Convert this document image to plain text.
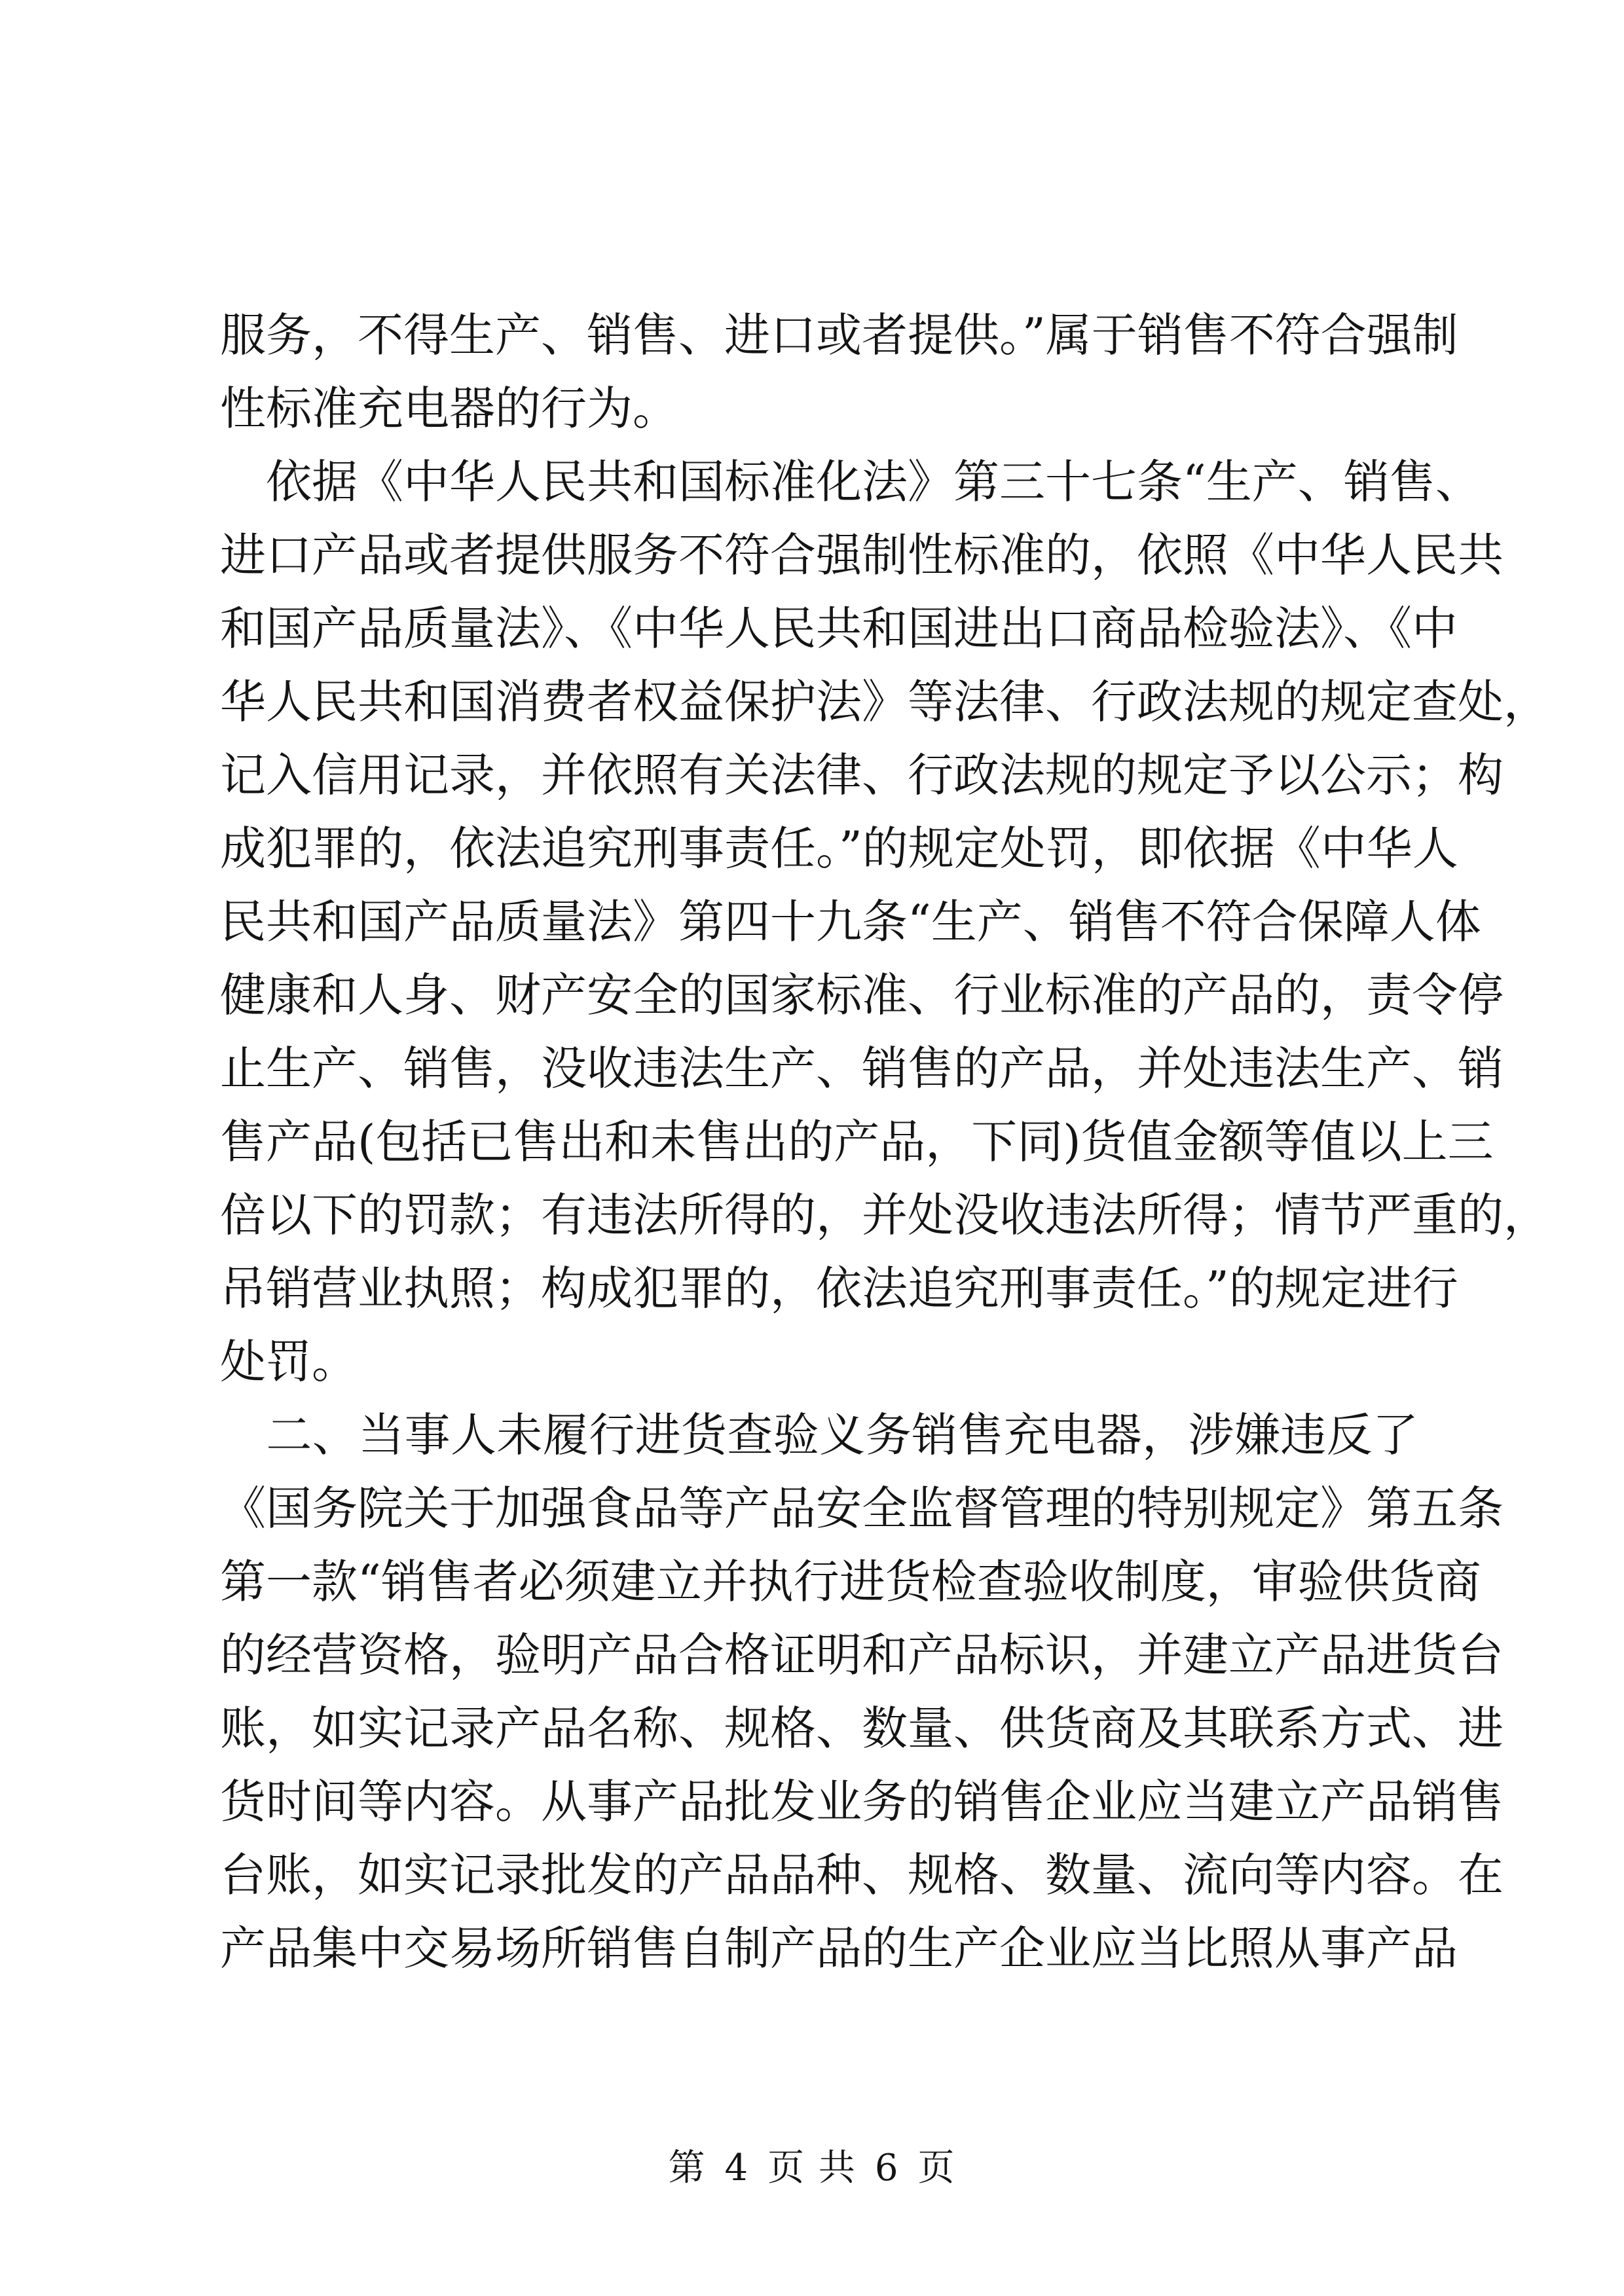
服务，不得生产、销售、进口或者提供。”属于销售不符合强制
性标准充电器的行为。
　依据《中华人民共和国标准化法》第三十七条“生产、销售、
进口产品或者提供服务不符合强制性标准的，依照《中华人民共
和国产品质量法》、《中华人民共和国进出口商品检验法》、《中
华人民共和国消费者权益保护法》等法律、行政法规的规定查处，
记入信用记录，并依照有关法律、行政法规的规定予以公示；构
成犯罪的，依法追究刑事责任。”的规定处罚，即依据《中华人
民共和国产品质量法》第四十九条“生产、销售不符合保障人体
健康和人身、财产安全的国家标准、行业标准的产品的，责令停
止生产、销售，没收违法生产、销售的产品，并处违法生产、销
售产品(包括已售出和未售出的产品，下同)货值金额等值以上三
倍以下的罚款；有违法所得的，并处没收违法所得；情节严重的，
吊销营业执照；构成犯罪的，依法追究刑事责任。”的规定进行
处罚。
　二、当事人未履行进货查验义务销售充电器，涉嫌违反了
《国务院关于加强食品等产品安全监督管理的特别规定》第五条
第一款“销售者必须建立并执行进货检查验收制度，审验供货商
的经营资格，验明产品合格证明和产品标识，并建立产品进货台
账，如实记录产品名称、规格、数量、供货商及其联系方式、进
货时间等内容。从事产品批发业务的销售企业应当建立产品销售
台账，如实记录批发的产品品种、规格、数量、流向等内容。在
产品集中交易场所销售自制产品的生产企业应当比照从事产品
第 4 页 共 6 页
